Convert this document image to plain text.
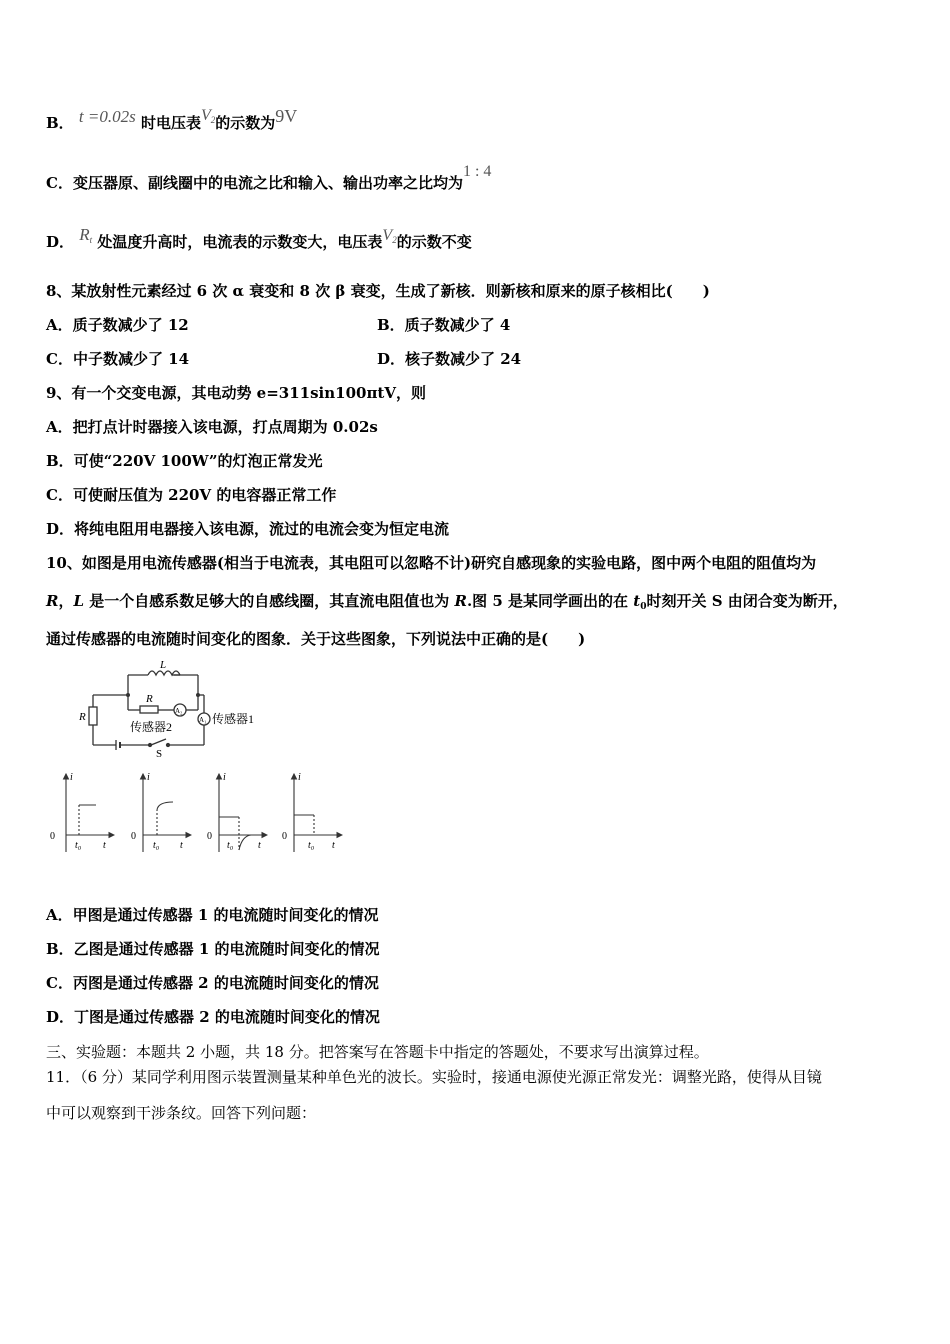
B． t =0.02s 时电压表$V_2$的示数为9V
C．变压器原、副线圈中的电流之比和输入、输出功率之比均为1 : 4
D． $R_t$ 处温度升高时，电流表的示数变大，电压表$V_2$的示数不变
8、某放射性元素经过 6 次 α 衰变和 8 次 β 衰变，生成了新核．则新核和原来的原子核相比(　　)
A．质子数减少了 12	B．质子数减少了 4
C．中子数减少了 14	D．核子数减少了 24
9、有一个交变电源，其电动势 e=311sin100πtV，则
A．把打点计时器接入该电源，打点周期为 0.02s
B．可使“220V 100W”的灯泡正常发光
C．可使耐压值为 220V 的电容器正常工作
D．将纯电阻用电器接入该电源，流过的电流会变为恒定电流
10、如图是用电流传感器(相当于电流表，其电阻可以忽略不计)研究自感现象的实验电路，图中两个电阻的阻值均为
R，L 是一个自感系数足够大的自感线圈，其直流电阻值也为 R.图 5 是某同学画出的在 $t_0$时刻开关 S 由闭合变为断开，
通过传感器的电流随时间变化的图象．关于这些图象，下列说法中正确的是(　　)
L
R
R	A₂
A₁
传感器2
传感器1
S
i
0
t₀ t
i
0
t₀ t
i
0
t₀ t
i
0
t₀ t
A．甲图是通过传感器 1 的电流随时间变化的情况
B．乙图是通过传感器 1 的电流随时间变化的情况
C．丙图是通过传感器 2 的电流随时间变化的情况
D．丁图是通过传感器 2 的电流随时间变化的情况
三、实验题：本题共 2 小题，共 18 分。把答案写在答题卡中指定的答题处，不要求写出演算过程。
11．（6 分）某同学利用图示装置测量某种单色光的波长。实验时，接通电源使光源正常发光：调整光路，使得从目镜
中可以观察到干涉条纹。回答下列问题：
